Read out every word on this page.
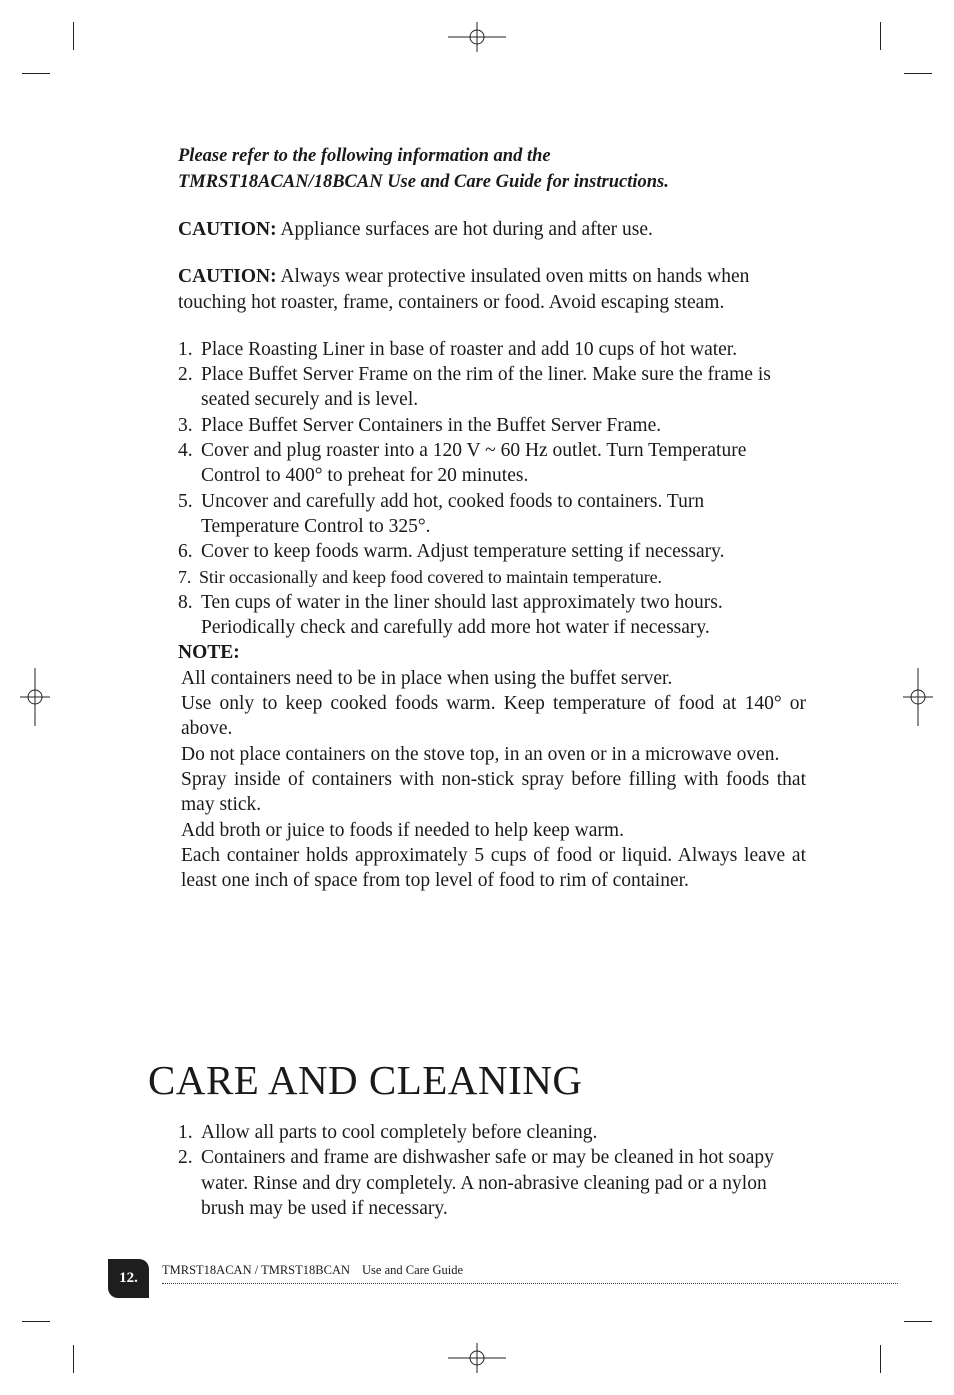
Please refer to the following information and the
TMRST18ACAN/18BCAN Use and Care Guide for instructions.
CAUTION: Appliance surfaces are hot during and after use.
CAUTION: Always wear protective insulated oven mitts on hands when touching hot roaster, frame, containers or food. Avoid escaping steam.
1. Place Roasting Liner in base of roaster and add 10 cups of hot water.
2. Place Buffet Server Frame on the rim of the liner. Make sure the frame is seated securely and is level.
3. Place Buffet Server Containers in the Buffet Server Frame.
4. Cover and plug roaster into a 120 V ~ 60 Hz outlet. Turn Temperature Control to 400° to preheat for 20 minutes.
5. Uncover and carefully add hot, cooked foods to containers. Turn Temperature Control to 325°.
6. Cover to keep foods warm. Adjust temperature setting if necessary.
7. Stir occasionally and keep food covered to maintain temperature.
8. Ten cups of water in the liner should last approximately two hours. Periodically check and carefully add more hot water if necessary.
NOTE:
All containers need to be in place when using the buffet server.
Use only to keep cooked foods warm. Keep temperature of food at 140° or above.
Do not place containers on the stove top, in an oven or in a microwave oven.
Spray inside of containers with non-stick spray before filling with foods that may stick.
Add broth or juice to foods if needed to help keep warm.
Each container holds approximately 5 cups of food or liquid. Always leave at least one inch of space from top level of food to rim of container.
CARE AND CLEANING
1. Allow all parts to cool completely before cleaning.
2. Containers and frame are dishwasher safe or may be cleaned in hot soapy water. Rinse and dry completely. A non-abrasive cleaning pad or a nylon brush may be used if necessary.
12.	TMRST18ACAN / TMRST18BCAN Use and Care Guide
